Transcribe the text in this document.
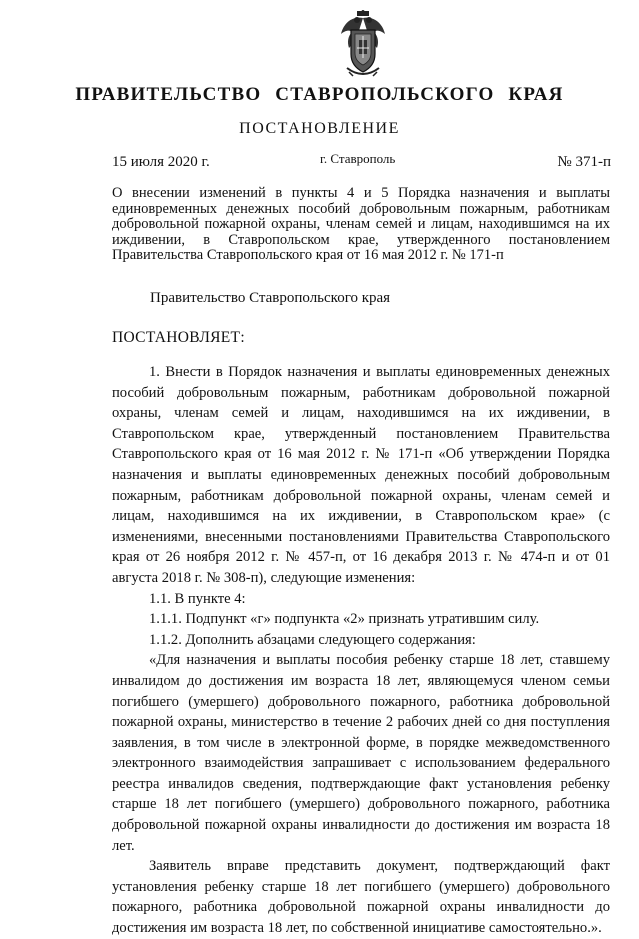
ПРАВИТЕЛЬСТВО СТАВРОПОЛЬСКОГО КРАЯ
ПОСТАНОВЛЕНИЕ
15 июля 2020 г.	г. Ставрополь	№ 371-п
О внесении изменений в пункты 4 и 5 Порядка назначения и выплаты единовременных денежных пособий добровольным пожарным, работникам добровольной пожарной охраны, членам семей и лицам, находившимся на их иждивении, в Ставропольском крае, утвержденного постановлением Правительства Ставропольского края от 16 мая 2012 г. № 171-п
Правительство Ставропольского края
ПОСТАНОВЛЯЕТ:

1. Внести в Порядок назначения и выплаты единовременных денежных пособий добровольным пожарным, работникам добровольной пожарной охраны, членам семей и лицам, находившимся на их иждивении, в Ставропольском крае, утвержденный постановлением Правительства Ставропольского края от 16 мая 2012 г. № 171-п «Об утверждении Порядка назначения и выплаты единовременных денежных пособий добровольным пожарным, работникам добровольной пожарной охраны, членам семей и лицам, находившимся на их иждивении, в Ставропольском крае» (с изменениями, внесенными постановлениями Правительства Ставропольского края от 26 ноября 2012 г. № 457-п, от 16 декабря 2013 г. № 474-п и от 01 августа 2018 г. № 308-п), следующие изменения:

1.1. В пункте 4:

1.1.1. Подпункт «г» подпункта «2» признать утратившим силу.

1.1.2. Дополнить абзацами следующего содержания:

«Для назначения и выплаты пособия ребенку старше 18 лет, ставшему инвалидом до достижения им возраста 18 лет, являющемуся членом семьи погибшего (умершего) добровольного пожарного, работника добровольной пожарной охраны, министерство в течение 2 рабочих дней со дня поступления заявления, в том числе в электронной форме, в порядке межведомственного электронного взаимодействия запрашивает с использованием федерального реестра инвалидов сведения, подтверждающие факт установления ребенку старше 18 лет погибшего (умершего) добровольного пожарного, работника добровольной пожарной охраны инвалидности до достижения им возраста 18 лет.

Заявитель вправе представить документ, подтверждающий факт установления ребенку старше 18 лет погибшего (умершего) добровольного пожарного, работника добровольной пожарной охраны инвалидности до достижения им возраста 18 лет, по собственной инициативе самостоятельно.».
